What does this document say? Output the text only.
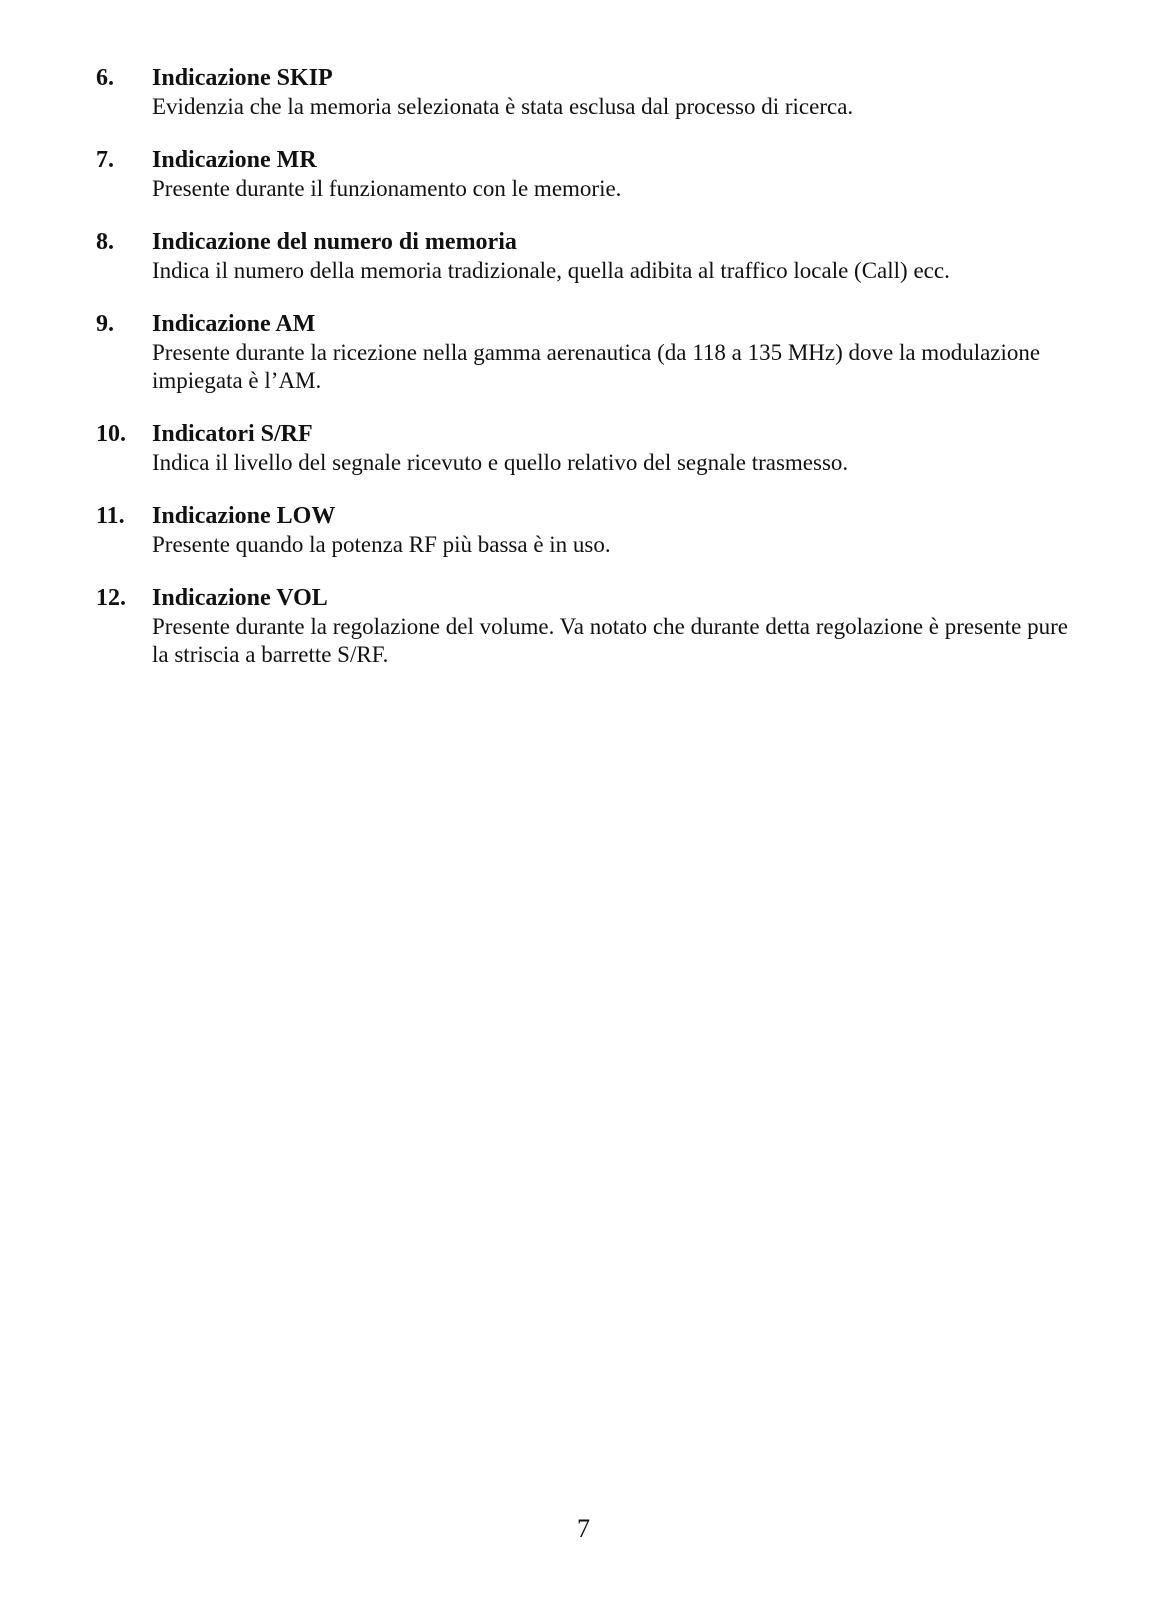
6. Indicazione SKIP
Evidenzia che la memoria selezionata è stata esclusa dal processo di ricerca.
7. Indicazione MR
Presente durante il funzionamento con le memorie.
8. Indicazione del numero di memoria
Indica il numero della memoria tradizionale, quella adibita al traffico locale (Call) ecc.
9. Indicazione AM
Presente durante la ricezione nella gamma aerenautica (da 118 a 135 MHz) dove la modulazione impiegata è l’AM.
10. Indicatori S/RF
Indica il livello del segnale ricevuto e quello relativo del segnale trasmesso.
11. Indicazione LOW
Presente quando la potenza RF più bassa è in uso.
12. Indicazione VOL
Presente durante la regolazione del volume. Va notato che durante detta regolazione è presente pure la striscia a barrette S/RF.
7
